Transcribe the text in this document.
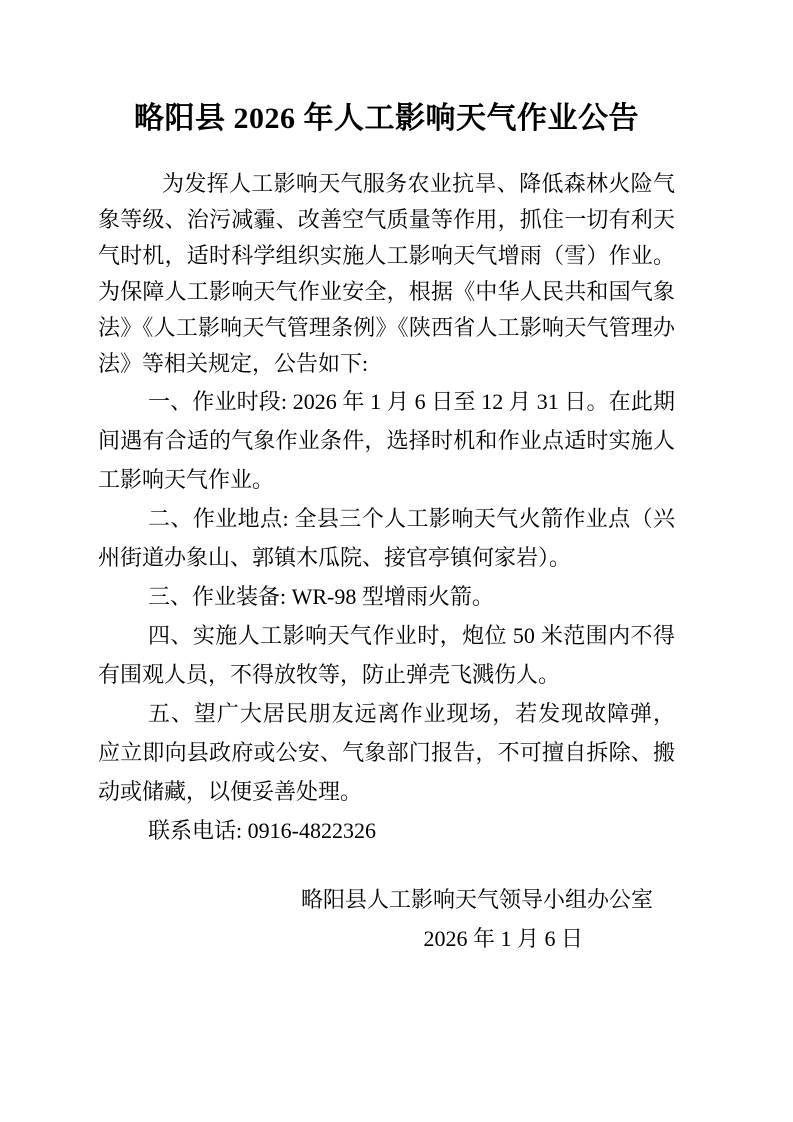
略阳县 2026 年人工影响天气作业公告

为发挥人工影响天气服务农业抗旱、降低森林火险气象等级、治污减霾、改善空气质量等作用，抓住一切有利天气时机，适时科学组织实施人工影响天气增雨（雪）作业。为保障人工影响天气作业安全，根据《中华人民共和国气象法》《人工影响天气管理条例》《陕西省人工影响天气管理办法》等相关规定，公告如下:

一、作业时段: 2026 年 1 月 6 日至 12 月 31 日。在此期间遇有合适的气象作业条件，选择时机和作业点适时实施人工影响天气作业。

二、作业地点: 全县三个人工影响天气火箭作业点（兴州街道办象山、郭镇木瓜院、接官亭镇何家岩）。

三、作业装备: WR-98 型增雨火箭。

四、实施人工影响天气作业时，炮位 50 米范围内不得有围观人员，不得放牧等，防止弹壳飞溅伤人。

五、望广大居民朋友远离作业现场，若发现故障弹，应立即向县政府或公安、气象部门报告，不可擅自拆除、搬动或储藏，以便妥善处理。

联系电话: 0916-4822326

略阳县人工影响天气领导小组办公室
2026 年 1 月 6 日
